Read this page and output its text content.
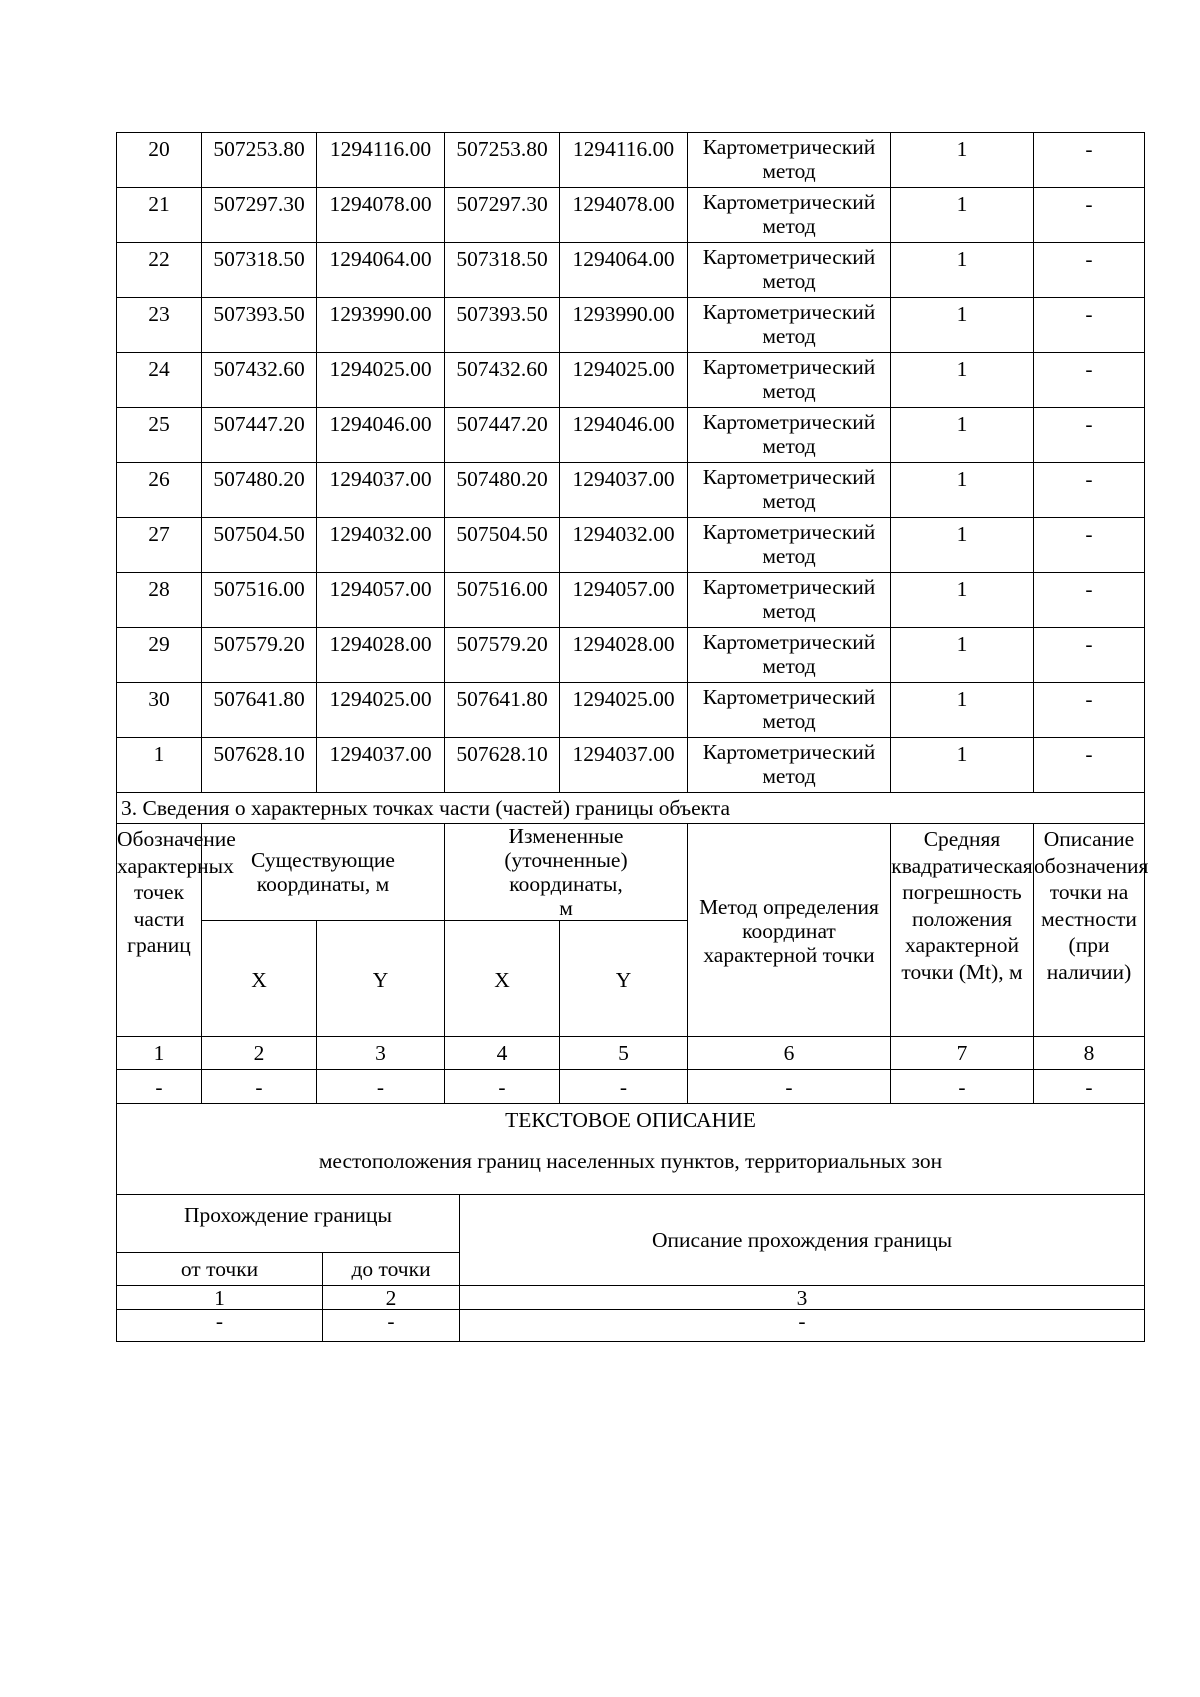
20	507253.80	1294116.00	507253.80	1294116.00	Картометрический метод	1	-
21	507297.30	1294078.00	507297.30	1294078.00	Картометрический метод	1	-
22	507318.50	1294064.00	507318.50	1294064.00	Картометрический метод	1	-
23	507393.50	1293990.00	507393.50	1293990.00	Картометрический метод	1	-
24	507432.60	1294025.00	507432.60	1294025.00	Картометрический метод	1	-
25	507447.20	1294046.00	507447.20	1294046.00	Картометрический метод	1	-
26	507480.20	1294037.00	507480.20	1294037.00	Картометрический метод	1	-
27	507504.50	1294032.00	507504.50	1294032.00	Картометрический метод	1	-
28	507516.00	1294057.00	507516.00	1294057.00	Картометрический метод	1	-
29	507579.20	1294028.00	507579.20	1294028.00	Картометрический метод	1	-
30	507641.80	1294025.00	507641.80	1294025.00	Картометрический метод	1	-
1	507628.10	1294037.00	507628.10	1294037.00	Картометрический метод	1	-
3. Сведения о характерных точках части (частей) границы объекта							

Обозначение характерных точек части границ	Существующие координаты, м		Измененные (уточненные) координаты, м		Метод определения координат характерной точки	Средняя квадратическая погрешность положения характерной точки (Mt), м	Описание обозначения точки на местности (при наличии)
	X	Y	X	Y			
1	2	3	4	5	6	7	8
-	-	-	-	-	-	-	-

ТЕКСТОВОЕ ОПИСАНИЕ
местоположения границ населенных пунктов, территориальных зон							
Прохождение границы		Описание прохождения границы
от точки	до точки	
1	2	3
-	-	-
